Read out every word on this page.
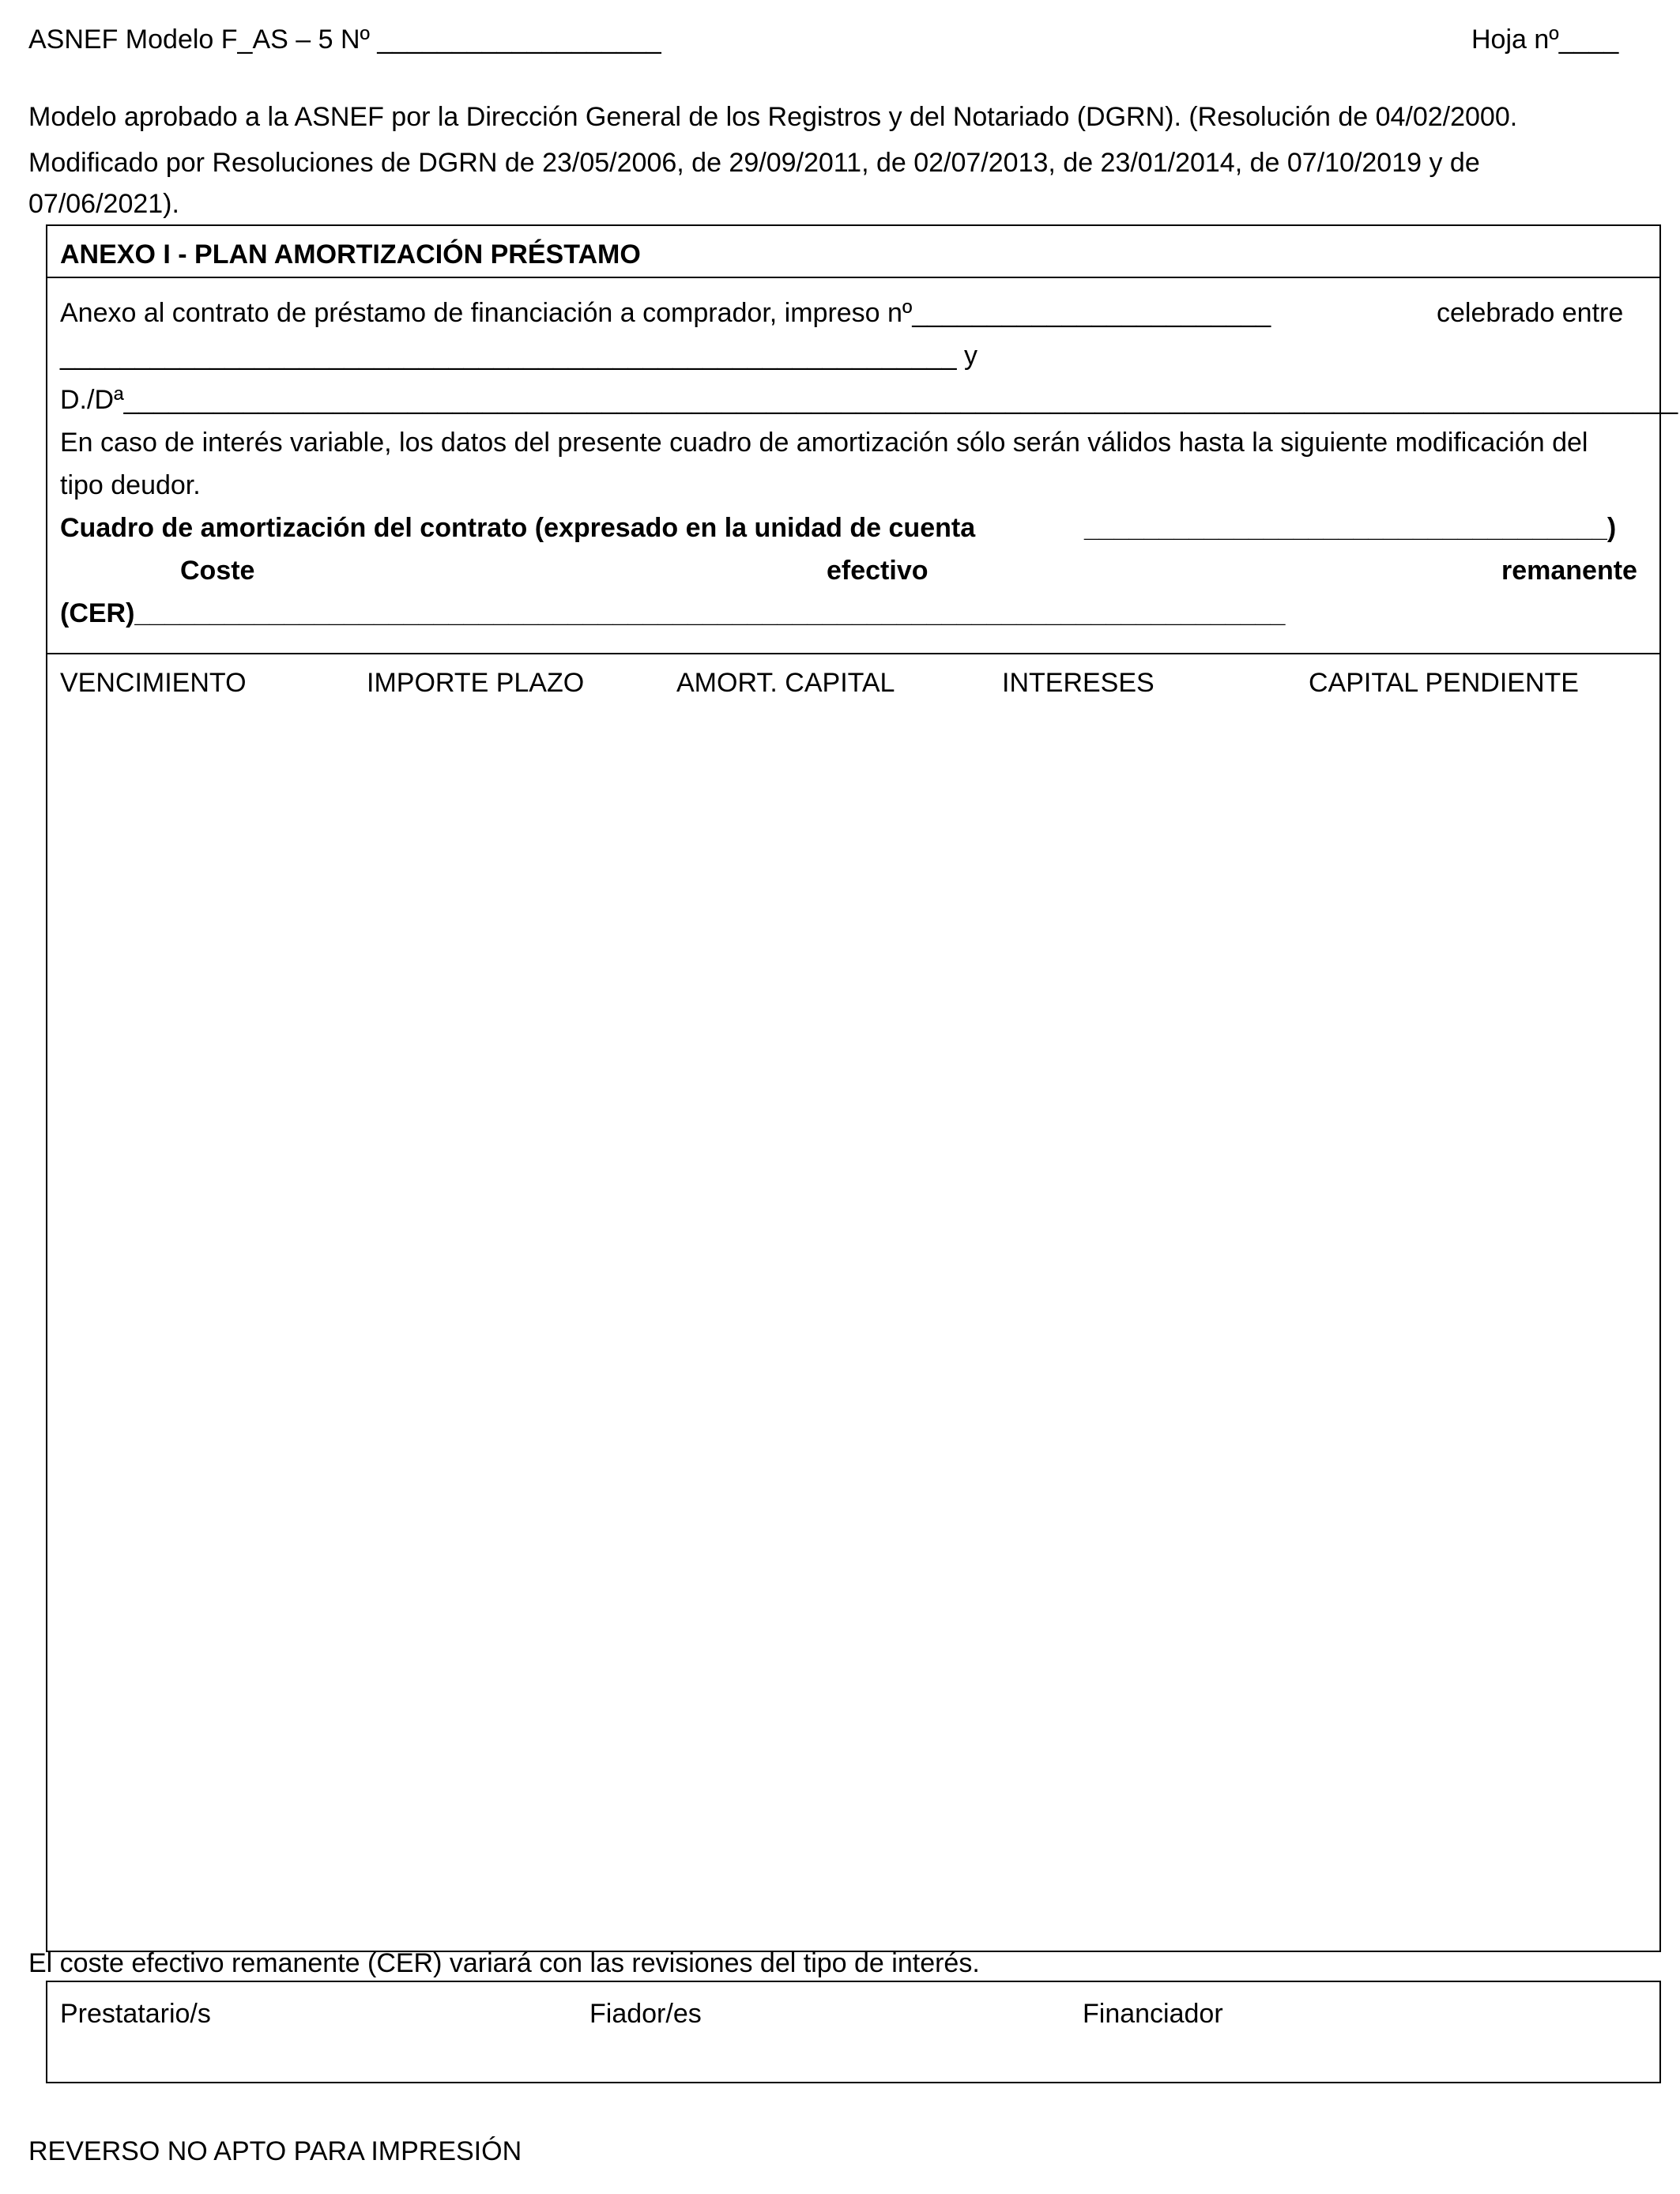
ASNEF Modelo F_AS – 5 Nº ___________________	Hoja nº____
Modelo aprobado a la ASNEF por la Dirección General de los Registros y del Notariado (DGRN). (Resolución de 04/02/2000.
Modificado por Resoluciones de DGRN de 23/05/2006, de 29/09/2011, de 02/07/2013, de 23/01/2014, de 07/10/2019 y de
07/06/2021).
ANEXO I - PLAN AMORTIZACIÓN PRÉSTAMO
Anexo al contrato de préstamo de financiación a comprador, impreso nº________________________	celebrado entre
____________________________________________________________ y
D./Dª________________________________________________________________________________________________________
En caso de interés variable, los datos del presente cuadro de amortización sólo serán válidos hasta la siguiente modificación del
tipo deudor.
Cuadro de amortización del contrato (expresado en la unidad de cuenta	___________________________________)
Coste	efectivo	remanente
(CER)_____________________________________________________________________________
VENCIMIENTO	IMPORTE PLAZO	AMORT. CAPITAL	INTERESES	CAPITAL PENDIENTE
El coste efectivo remanente (CER) variará con las revisiones del tipo de interés.
Prestatario/s	Fiador/es	Financiador
REVERSO NO APTO PARA IMPRESIÓN
